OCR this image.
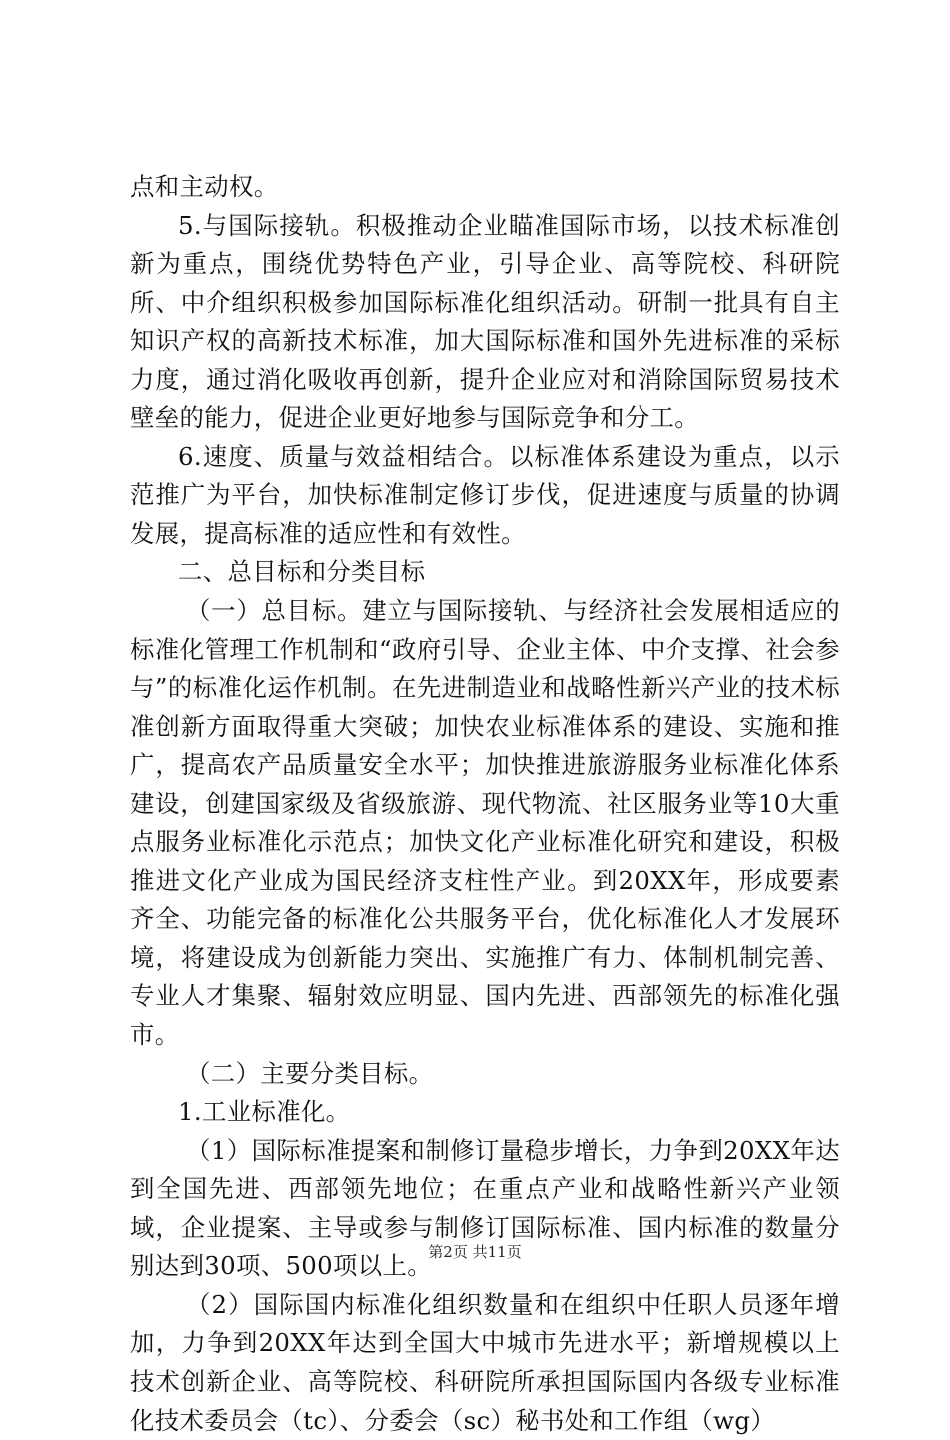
点和主动权。

5.与国际接轨。积极推动企业瞄准国际市场，以技术标准创新为重点，围绕优势特色产业，引导企业、高等院校、科研院所、中介组织积极参加国际标准化组织活动。研制一批具有自主知识产权的高新技术标准，加大国际标准和国外先进标准的采标力度，通过消化吸收再创新，提升企业应对和消除国际贸易技术壁垒的能力，促进企业更好地参与国际竞争和分工。

6.速度、质量与效益相结合。以标准体系建设为重点，以示范推广为平台，加快标准制定修订步伐，促进速度与质量的协调发展，提高标准的适应性和有效性。

二、总目标和分类目标

（一）总目标。建立与国际接轨、与经济社会发展相适应的标准化管理工作机制和“政府引导、企业主体、中介支撑、社会参与”的标准化运作机制。在先进制造业和战略性新兴产业的技术标准创新方面取得重大突破；加快农业标准体系的建设、实施和推广，提高农产品质量安全水平；加快推进旅游服务业标准化体系建设，创建国家级及省级旅游、现代物流、社区服务业等10大重点服务业标准化示范点；加快文化产业标准化研究和建设，积极推进文化产业成为国民经济支柱性产业。到20XX年，形成要素齐全、功能完备的标准化公共服务平台，优化标准化人才发展环境，将建设成为创新能力突出、实施推广有力、体制机制完善、专业人才集聚、辐射效应明显、国内先进、西部领先的标准化强市。

（二）主要分类目标。

1.工业标准化。

（1）国际标准提案和制修订量稳步增长，力争到20XX年达到全国先进、西部领先地位；在重点产业和战略性新兴产业领域，企业提案、主导或参与制修订国际标准、国内标准的数量分别达到30项、500项以上。

（2）国际国内标准化组织数量和在组织中任职人员逐年增加，力争到20XX年达到全国大中城市先进水平；新增规模以上技术创新企业、高等院校、科研院所承担国际国内各级专业标准化技术委员会（tc）、分委会（sc）秘书处和工作组（wg）

第2页 共11页
